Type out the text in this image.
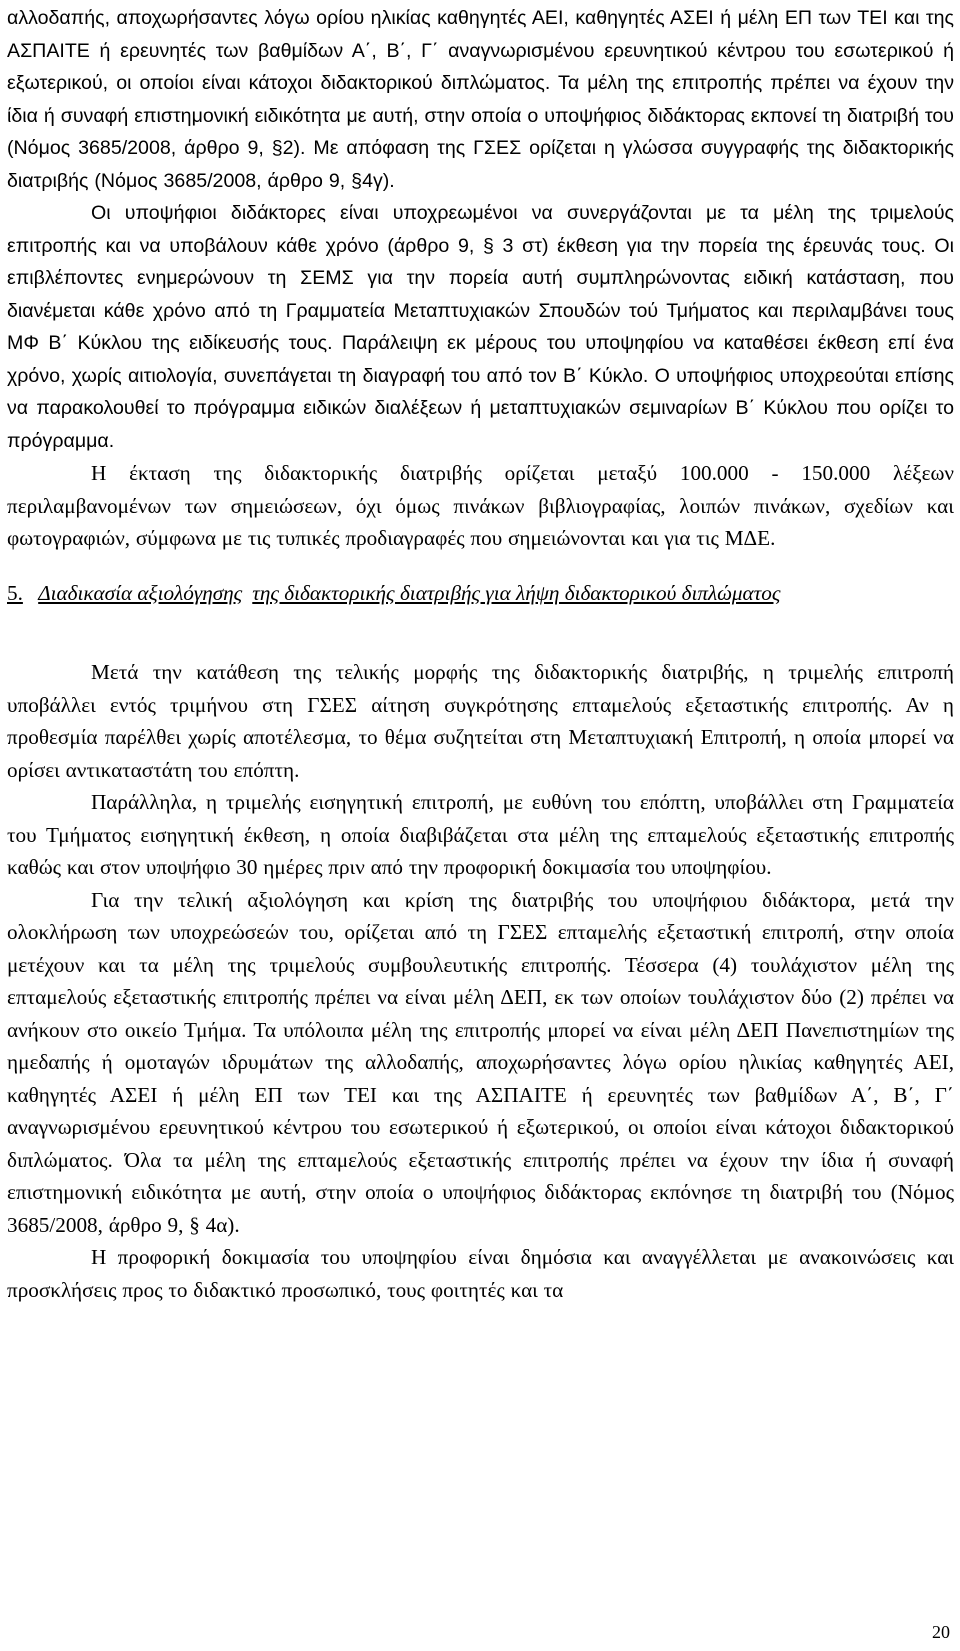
αλλοδαπής, αποχωρήσαντες λόγω ορίου ηλικίας καθηγητές ΑΕΙ, καθηγητές ΑΣΕΙ ή μέλη ΕΠ των ΤΕΙ και της ΑΣΠΑΙΤΕ ή ερευνητές των βαθμίδων Α΄, Β΄, Γ΄ αναγνωρισμένου ερευνητικού κέντρου του εσωτερικού ή εξωτερικού, οι οποίοι είναι κάτοχοι διδακτορικού διπλώματος. Τα μέλη της επιτροπής πρέπει να έχουν την ίδια ή συναφή επιστημονική ειδικότητα με αυτή, στην οποία ο υποψήφιος διδάκτορας εκπονεί τη διατριβή του (Νόμος 3685/2008, άρθρο 9, §2). Με απόφαση της ΓΣΕΣ ορίζεται η γλώσσα συγγραφής της διδακτορικής διατριβής (Νόμος 3685/2008, άρθρο 9, §4γ).

Οι υποψήφιοι διδάκτορες είναι υποχρεωμένοι να συνεργάζονται με τα μέλη της τριμελούς επιτροπής και να υποβάλουν κάθε χρόνο (άρθρο 9, § 3 στ) έκθεση για την πορεία της έρευνάς τους. Οι επιβλέποντες ενημερώνουν τη ΣΕΜΣ για την πορεία αυτή συμπληρώνοντας ειδική κατάσταση, που διανέμεται κάθε χρόνο από τη Γραμματεία Μεταπτυχιακών Σπουδών τού Τμήματος και περιλαμβάνει τους ΜΦ Β΄ Κύκλου της ειδίκευσής τους. Παράλειψη εκ μέρους του υποψηφίου να καταθέσει έκθεση επί ένα χρόνο, χωρίς αιτιολογία, συνεπάγεται τη διαγραφή του από τον Β΄ Κύκλο. Ο υποψήφιος υποχρεούται επίσης να παρακολουθεί το πρόγραμμα ειδικών διαλέξεων ή μεταπτυχιακών σεμιναρίων Β΄ Κύκλου που ορίζει το πρόγραμμα.

Η έκταση της διδακτορικής διατριβής ορίζεται μεταξύ 100.000 - 150.000 λέξεων περιλαμβανομένων των σημειώσεων, όχι όμως πινάκων βιβλιογραφίας, λοιπών πινάκων, σχεδίων και φωτογραφιών, σύμφωνα με τις τυπικές προδιαγραφές που σημειώνονται και για τις ΜΔΕ.

5. Διαδικασία αξιολόγησης της διδακτορικής διατριβής για λήψη διδακτορικού διπλώματος

Μετά την κατάθεση της τελικής μορφής της διδακτορικής διατριβής, η τριμελής επιτροπή υποβάλλει εντός τριμήνου στη ΓΣΕΣ αίτηση συγκρότησης επταμελούς εξεταστικής επιτροπής. Αν η προθεσμία παρέλθει χωρίς αποτέλεσμα, το θέμα συζητείται στη Μεταπτυχιακή Επιτροπή, η οποία μπορεί να ορίσει αντικαταστάτη του επόπτη.

Παράλληλα, η τριμελής εισηγητική επιτροπή, με ευθύνη του επόπτη, υποβάλλει στη Γραμματεία του Τμήματος εισηγητική έκθεση, η οποία διαβιβάζεται στα μέλη της επταμελούς εξεταστικής επιτροπής καθώς και στον υποψήφιο 30 ημέρες πριν από την προφορική δοκιμασία του υποψηφίου.

Για την τελική αξιολόγηση και κρίση της διατριβής του υποψήφιου διδάκτορα, μετά την ολοκλήρωση των υποχρεώσεών του, ορίζεται από τη ΓΣΕΣ επταμελής εξεταστική επιτροπή, στην οποία μετέχουν και τα μέλη της τριμελούς συμβουλευτικής επιτροπής. Τέσσερα (4) τουλάχιστον μέλη της επταμελούς εξεταστικής επιτροπής πρέπει να είναι μέλη ΔΕΠ, εκ των οποίων τουλάχιστον δύο (2) πρέπει να ανήκουν στο οικείο Τμήμα. Τα υπόλοιπα μέλη της επιτροπής μπορεί να είναι μέλη ΔΕΠ Πανεπιστημίων της ημεδαπής ή ομοταγών ιδρυμάτων της αλλοδαπής, αποχωρήσαντες λόγω ορίου ηλικίας καθηγητές ΑΕΙ, καθηγητές ΑΣΕΙ ή μέλη ΕΠ των ΤΕΙ και της ΑΣΠΑΙΤΕ ή ερευνητές των βαθμίδων Α΄, Β΄, Γ΄ αναγνωρισμένου ερευνητικού κέντρου του εσωτερικού ή εξωτερικού, οι οποίοι είναι κάτοχοι διδακτορικού διπλώματος. Όλα τα μέλη της επταμελούς εξεταστικής επιτροπής πρέπει να έχουν την ίδια ή συναφή επιστημονική ειδικότητα με αυτή, στην οποία ο υποψήφιος διδάκτορας εκπόνησε τη διατριβή του (Νόμος 3685/2008, άρθρο 9, § 4α).

Η προφορική δοκιμασία του υποψηφίου είναι δημόσια και αναγγέλλεται με ανακοινώσεις και προσκλήσεις προς το διδακτικό προσωπικό, τους φοιτητές και τα

20
